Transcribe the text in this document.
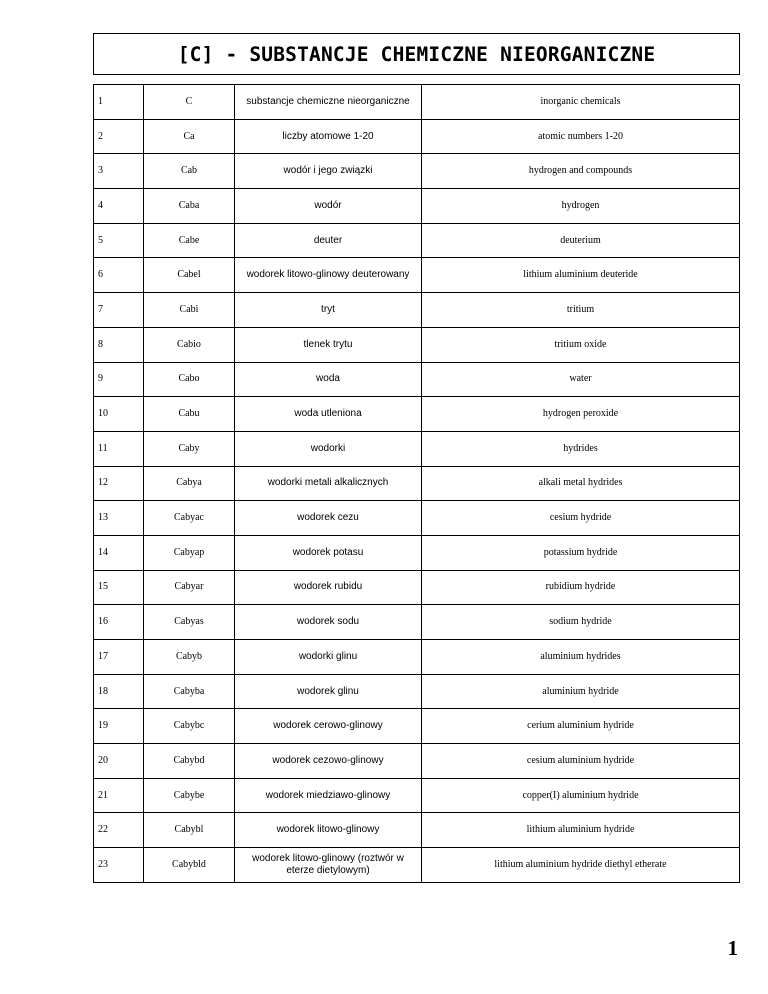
[C] - SUBSTANCJE CHEMICZNE NIEORGANICZNE
1	C	substancje chemiczne nieorganiczne	inorganic chemicals
2	Ca	liczby atomowe 1-20	atomic numbers 1-20
3	Cab	wodór i jego związki	hydrogen and compounds
4	Caba	wodór	hydrogen
5	Cabe	deuter	deuterium
6	Cabel	wodorek litowo-glinowy deuterowany	lithium aluminium deuteride
7	Cabi	tryt	tritium
8	Cabio	tlenek trytu	tritium oxide
9	Cabo	woda	water
10	Cabu	woda utleniona	hydrogen peroxide
11	Caby	wodorki	hydrides
12	Cabya	wodorki metali alkalicznych	alkali metal hydrides
13	Cabyac	wodorek cezu	cesium hydride
14	Cabyap	wodorek potasu	potassium hydride
15	Cabyar	wodorek rubidu	rubidium hydride
16	Cabyas	wodorek sodu	sodium hydride
17	Cabyb	wodorki glinu	aluminium hydrides
18	Cabyba	wodorek glinu	aluminium hydride
19	Cabybc	wodorek cerowo-glinowy	cerium aluminium hydride
20	Cabybd	wodorek cezowo-glinowy	cesium aluminium hydride
21	Cabybe	wodorek miedziawo-glinowy	copper(I) aluminium hydride
22	Cabybl	wodorek litowo-glinowy	lithium aluminium hydride
23	Cabybld	wodorek litowo-glinowy (roztwór w eterze dietylowym)	lithium aluminium hydride diethyl etherate
1
